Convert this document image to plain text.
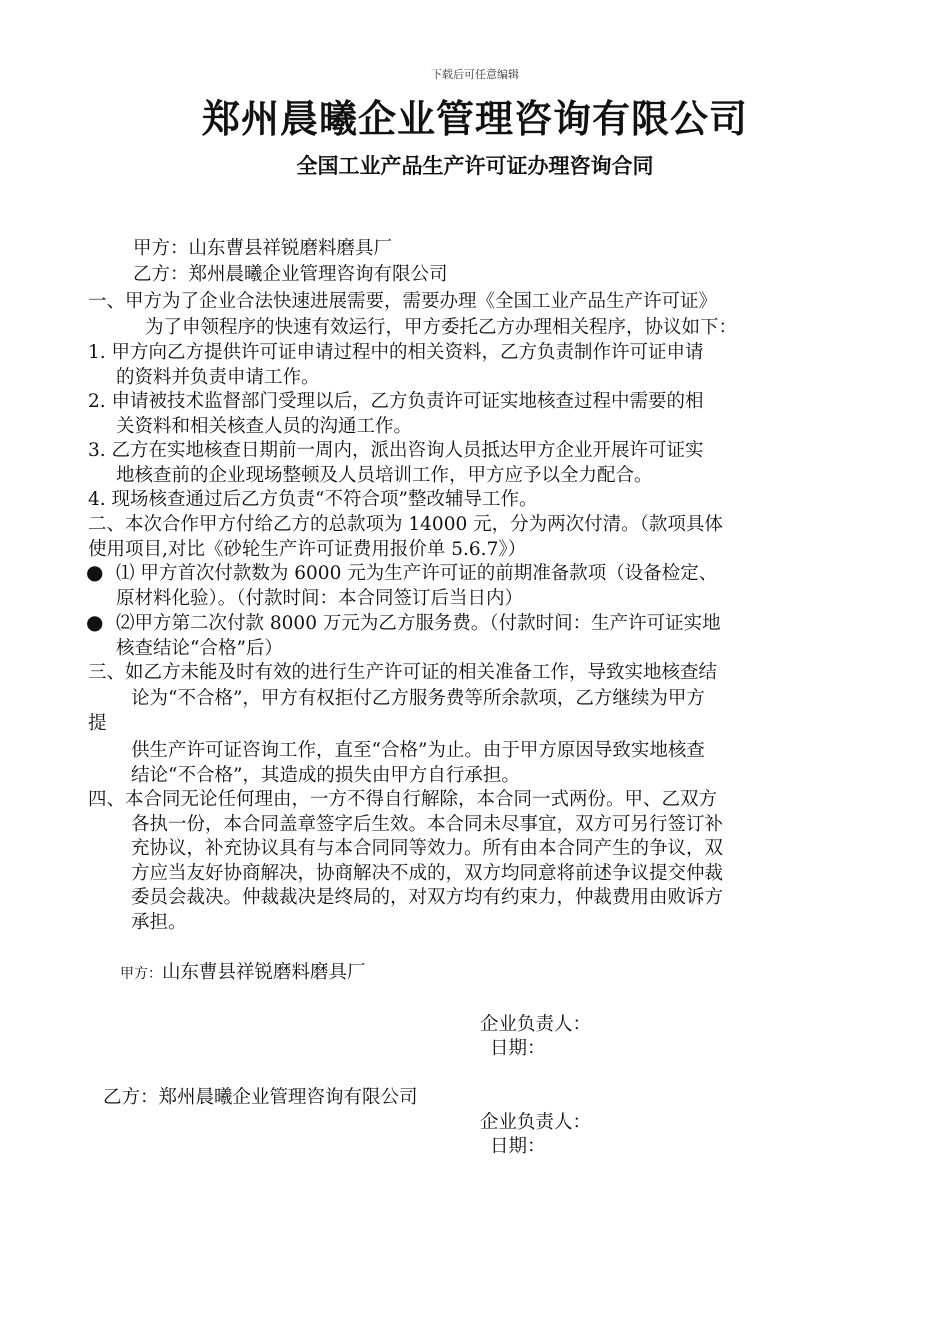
下载后可任意编辑
郑州晨曦企业管理咨询有限公司
全国工业产品生产许可证办理咨询合同
甲方：山东曹县祥锐磨料磨具厂
乙方：郑州晨曦企业管理咨询有限公司
一、甲方为了企业合法快速进展需要，需要办理《全国工业产品生产许可证》
为了申领程序的快速有效运行，甲方委托乙方办理相关程序，协议如下：
1. 甲方向乙方提供许可证申请过程中的相关资料，乙方负责制作许可证申请
的资料并负责申请工作。
2. 申请被技术监督部门受理以后，乙方负责许可证实地核查过程中需要的相
关资料和相关核查人员的沟通工作。
3. 乙方在实地核查日期前一周内，派出咨询人员抵达甲方企业开展许可证实
地核查前的企业现场整顿及人员培训工作，甲方应予以全力配合。
4. 现场核查通过后乙方负责“不符合项”整改辅导工作。
二、本次合作甲方付给乙方的总款项为 14000 元，分为两次付清。（款项具体
使用项目,对比《砂轮生产许可证费用报价单 5.6.7》）
● ⑴ 甲方首次付款数为 6000 元为生产许可证的前期准备款项（设备检定、
原材料化验）。（付款时间：本合同签订后当日内）
● ⑵甲方第二次付款 8000 万元为乙方服务费。（付款时间：生产许可证实地
核查结论“合格”后）
三、如乙方未能及时有效的进行生产许可证的相关准备工作，导致实地核查结
论为“不合格”，甲方有权拒付乙方服务费等所余款项，乙方继续为甲方
提
供生产许可证咨询工作，直至“合格”为止。由于甲方原因导致实地核查
结论“不合格”，其造成的损失由甲方自行承担。
四、本合同无论任何理由，一方不得自行解除，本合同一式两份。甲、乙双方
各执一份，本合同盖章签字后生效。本合同未尽事宜，双方可另行签订补
充协议，补充协议具有与本合同同等效力。所有由本合同产生的争议，双
方应当友好协商解决，协商解决不成的，双方均同意将前述争议提交仲裁
委员会裁决。仲裁裁决是终局的，对双方均有约束力，仲裁费用由败诉方
承担。
甲方：山东曹县祥锐磨料磨具厂
企业负责人：
日期：
乙方：郑州晨曦企业管理咨询有限公司
企业负责人：
日期：
